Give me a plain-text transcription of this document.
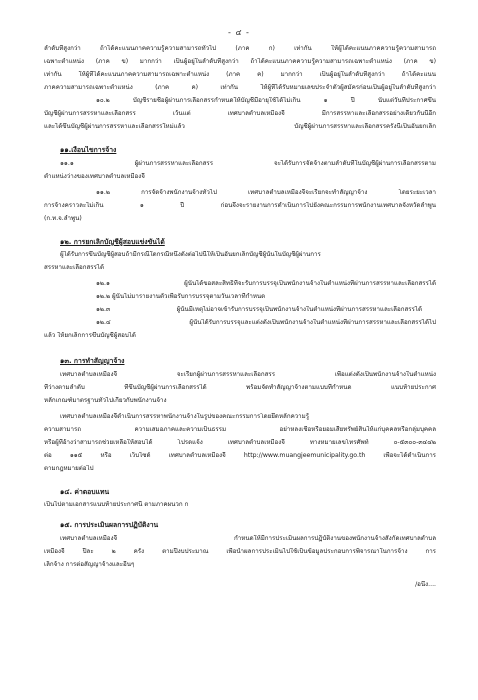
- ๔ -
ลำดับที่สูงกว่า ถ้าได้คะแนนภาคความรู้ความสามารถทั่วไป (ภาค ก) เท่ากัน ให้ผู้ได้คะแนนภาคความรู้ความสามารถ
เฉพาะตำแหน่ง (ภาค ข) มากกว่า เป็นผู้อยู่ในลำดับที่สูงกว่า ถ้าได้คะแนนภาคความรู้ความสามารถเฉพาะตำแหน่ง (ภาค ข)
เท่ากัน ให้ผู้ที่ได้คะแนนภาคความสามารถเฉพาะตำแหน่ง (ภาค ค) มากกว่า เป็นผู้อยู่ในลำดับที่สูงกว่า ถ้าได้คะแนน
ภาคความสามารถเฉพาะตำแหน่ง (ภาค ค) เท่ากัน ให้ผู้ที่ได้รับหมายเลขประจำตัวผู้สมัครก่อนเป็นผู้อยู่ในลำดับที่สูงกว่า
๑๐.๒ บัญชีรายชื่อผู้ผ่านการเลือกสรรกำหนดให้บัญชีมีอายุใช้ได้ไม่เกิน ๑ ปี นับแต่วันที่ประกาศขึ้น
บัญชีผู้ผ่านการสรรหาและเลือกสรร เว้นแต่ เทศบาลตำบลเหมืองจี้ มีการสรรหาและเลือกสรรอย่างเดียวกันนี้อีก
และได้ขึ้นบัญชีผู้ผ่านการสรรหาและเลือกสรรใหม่แล้ว บัญชีผู้ผ่านการสรรหาและเลือกสรรครั้งนี้เป็นอันยกเลิก
๑๑.เงื่อนไขการจ้าง
๑๑.๑ ผู้ผ่านการสรรหาและเลือกสรร จะได้รับการจัดจ้างตามลำดับที่ในบัญชีผู้ผ่านการเลือกสรรตาม
ตำแหน่งว่างของเทศบาลตำบลเหมืองจี้
๑๑.๒ การจัดจ้างพนักงานจ้างทั่วไป เทศบาลตำบลเหมืองจี้จะเรียกจะทำสัญญาจ้าง โดยระยะเวลา
การจ้างคราวละไม่เกิน ๑ ปี ก่อนจึงจะรายงานการดำเนินการไปยังคณะกรรมการพนักงานเทศบาลจังหวัดลำพูน
(ก.ท.จ.ลำพูน)
๑๒. การยกเลิกบัญชีผู้สอบแข่งขันได้
ผู้ได้รับการขึ้นบัญชีผู้สอบถ้ามีกรณีใดกรณีหนึ่งดังต่อไปนี้ให้เป็นอันยกเลิกบัญชีผู้นั้นในบัญชีผู้ผ่านการ
สรรหาและเลือกสรรได้
๑๒.๑ ผู้นั้นได้ขอสละสิทธิ์ที่จะรับการบรรจุเป็นพนักงานจ้างในตำแหน่งที่ผ่านการสรรหาและเลือกสรรได้
๑๒.๒ ผู้นั้นไม่มารายงานตัวเพื่อรับการบรรจุตามวันเวลาที่กำหนด
๑๒.๓ ผู้นั้นมีเหตุไม่อาจเข้ารับการบรรจุเป็นพนักงานจ้างในตำแหน่งที่ผ่านการสรรหาและเลือกสรรได้
๑๒.๔ ผู้นั้นได้รับการบรรจุและแต่งตั้งเป็นพนักงานจ้างในตำแหน่งที่ผ่านการสรรหาและเลือกสรรได้ไป
แล้ว ให้ยกเลิกการขึ้นบัญชีผู้สอบได้
๑๓. การทำสัญญาจ้าง
เทศบาลตำบลเหมืองจี้ จะเรียกผู้ผ่านการสรรหาและเลือกสรร เพื่อแต่งตั้งเป็นพนักงานจ้างในตำแหน่ง
ที่ว่างตามลำดับ ที่ขึ้นบัญชีผู้ผ่านการเลือกสรรได้ พร้อมจัดทำสัญญาจ้างตามแบบที่กำหนด แนบท้ายประกาศ
หลักเกณฑ์มาตรฐานทั่วไปเกี่ยวกับพนักงานจ้าง
เทศบาลตำบลเหมืองจี้ดำเนินการสรรหาพนักงานจ้างในรูปของคณะกรรมการโดยยึดหลักความรู้
ความสามารถ ความเสมอภาคและความเป็นธรรม อย่าหลงเชื่อหรือยอมเสียทรัพย์สินให้แก่บุคคลหรือกลุ่มบุคคล
หรือผู้ที่อ้างว่าสามารถช่วยเหลือให้สอบได้ โปรดแจ้ง เทศบาลตำบลเหมืองจี้ ทางหมายเลขโทรศัพท์ ๐-๕๓๐๐-๓๔๔๒
ต่อ ๑๑๕ หรือ เว็บไซด์ เทศบาลตำบลเหมืองจี้ http://www.muangjeemunicipality.go.th เพื่อจะได้ดำเนินการ
ตามกฎหมายต่อไป
๑๔. ค่าตอบแทน
เป็นไปตามเอกสารแนบท้ายประกาศนี้ ตามภาคผนวก ก
๑๕. การประเมินผลการปฏิบัติงาน
เทศบาลตำบลเหมืองจี้ กำหนดให้มีการประเมินผลการปฏิบัติงานของพนักงานจ้างสังกัดเทศบาลตำบล
เหมืองจี้ ปีละ ๒ ครั้ง ตามปีงบประมาณ เพื่อนำผลการประเมินไปใช้เป็นข้อมูลประกอบการพิจารณาในการจ้าง การ
เลิกจ้าง การต่อสัญญาจ้างและอื่นๆ
/อนึ่ง....
